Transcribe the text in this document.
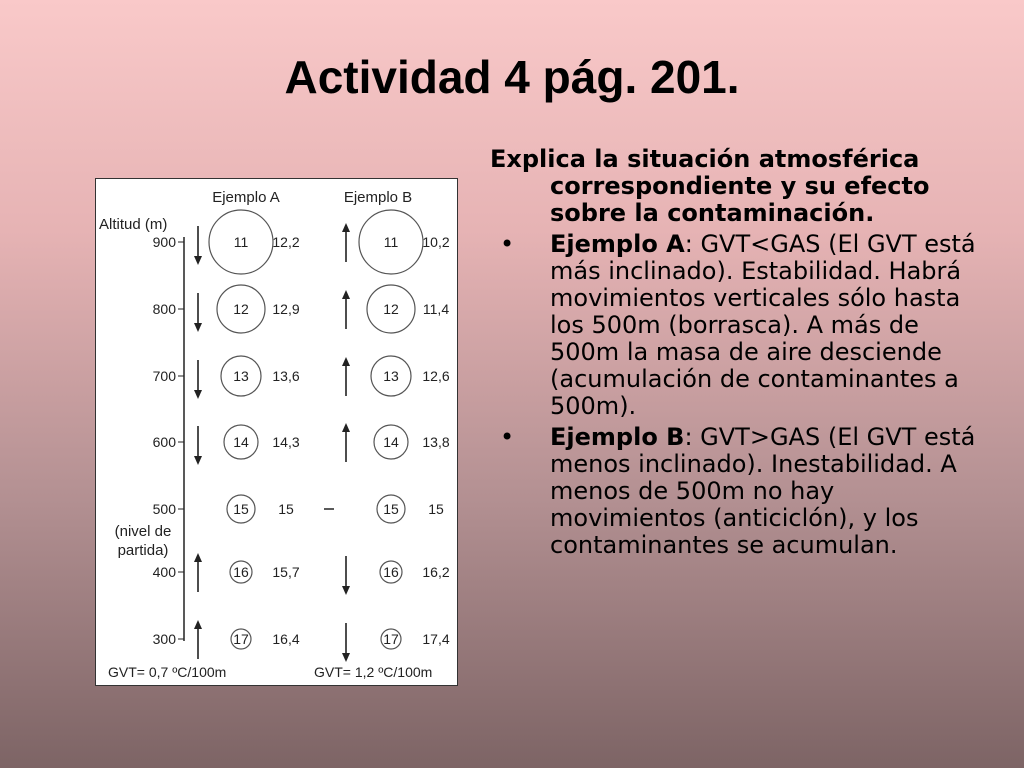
Actividad 4 pág. 201.
Ejemplo A	Ejemplo B
Altitud (m)
900	11 12,2	11 10,2
800	12 12,9	12 11,4
700	13 13,6	13 12,6
600	14 14,3	14 13,8
500	15 15	15 15
400	16 15,7	16 16,2
300	17 16,4	17 17,4
(nivel de
partida)
GVT= 0,7 ºC/100m	GVT= 1,2 ºC/100m

Explica la situación atmosférica correspondiente y su efecto sobre la contaminación.

• Ejemplo A: GVT<GAS (El GVT está más inclinado). Estabilidad. Habrá movimientos verticales sólo hasta los 500m (borrasca). A más de 500m la masa de aire desciende (acumulación de contaminantes a 500m).
• Ejemplo B: GVT>GAS (El GVT está menos inclinado). Inestabilidad. A menos de 500m no hay movimientos (anticiclón), y los contaminantes se acumulan.
